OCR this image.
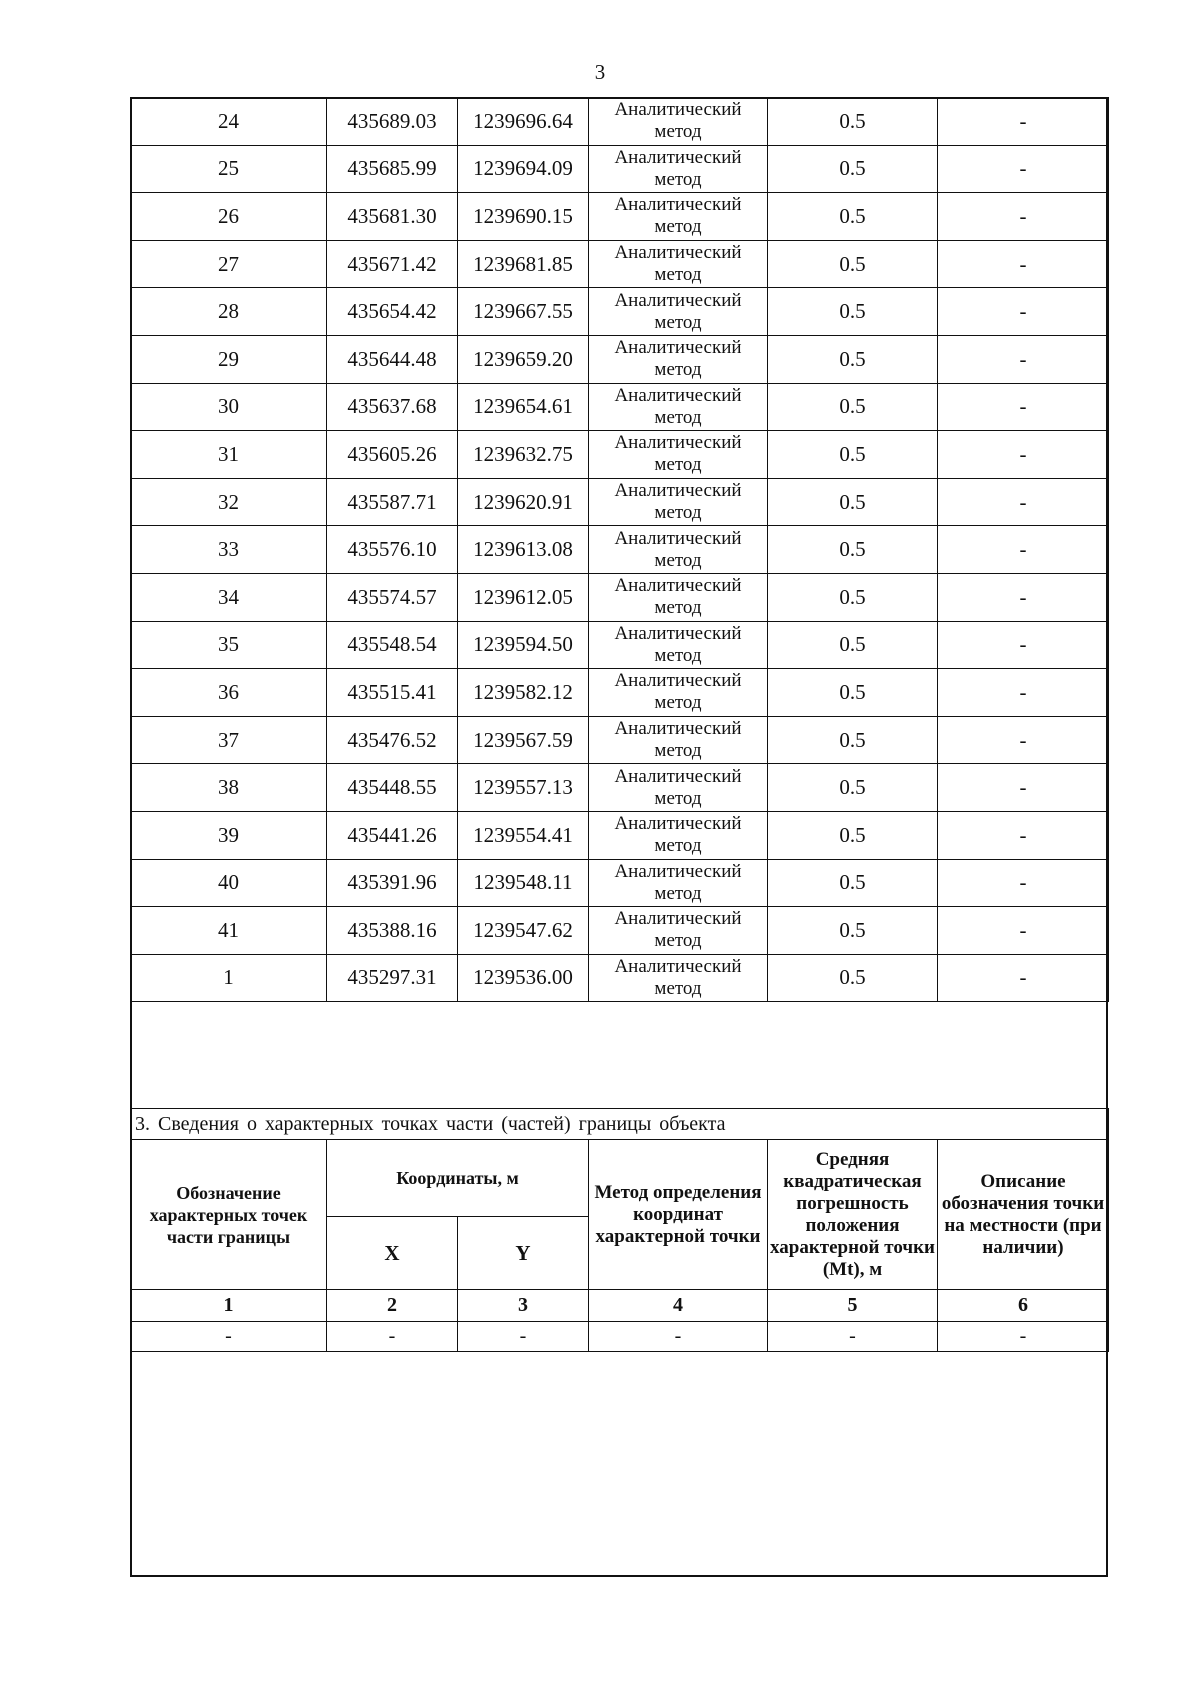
3
24	435689.03	1239696.64	Аналитический метод	0.5	-
25	435685.99	1239694.09	Аналитический метод	0.5	-
26	435681.30	1239690.15	Аналитический метод	0.5	-
27	435671.42	1239681.85	Аналитический метод	0.5	-
28	435654.42	1239667.55	Аналитический метод	0.5	-
29	435644.48	1239659.20	Аналитический метод	0.5	-
30	435637.68	1239654.61	Аналитический метод	0.5	-
31	435605.26	1239632.75	Аналитический метод	0.5	-
32	435587.71	1239620.91	Аналитический метод	0.5	-
33	435576.10	1239613.08	Аналитический метод	0.5	-
34	435574.57	1239612.05	Аналитический метод	0.5	-
35	435548.54	1239594.50	Аналитический метод	0.5	-
36	435515.41	1239582.12	Аналитический метод	0.5	-
37	435476.52	1239567.59	Аналитический метод	0.5	-
38	435448.55	1239557.13	Аналитический метод	0.5	-
39	435441.26	1239554.41	Аналитический метод	0.5	-
40	435391.96	1239548.11	Аналитический метод	0.5	-
41	435388.16	1239547.62	Аналитический метод	0.5	-
1	435297.31	1239536.00	Аналитический метод	0.5	-
3. Сведения о характерных точках части (частей) границы объекта					
Обозначение характерных точек части границы	Координаты, м		Метод определения координат характерной точки	Средняя квадратическая погрешность положения характерной точки (Mt), м	Описание обозначения точки на местности (при наличии)
	X	Y			
1	2	3	4	5	6
-	-	-	-	-	-
